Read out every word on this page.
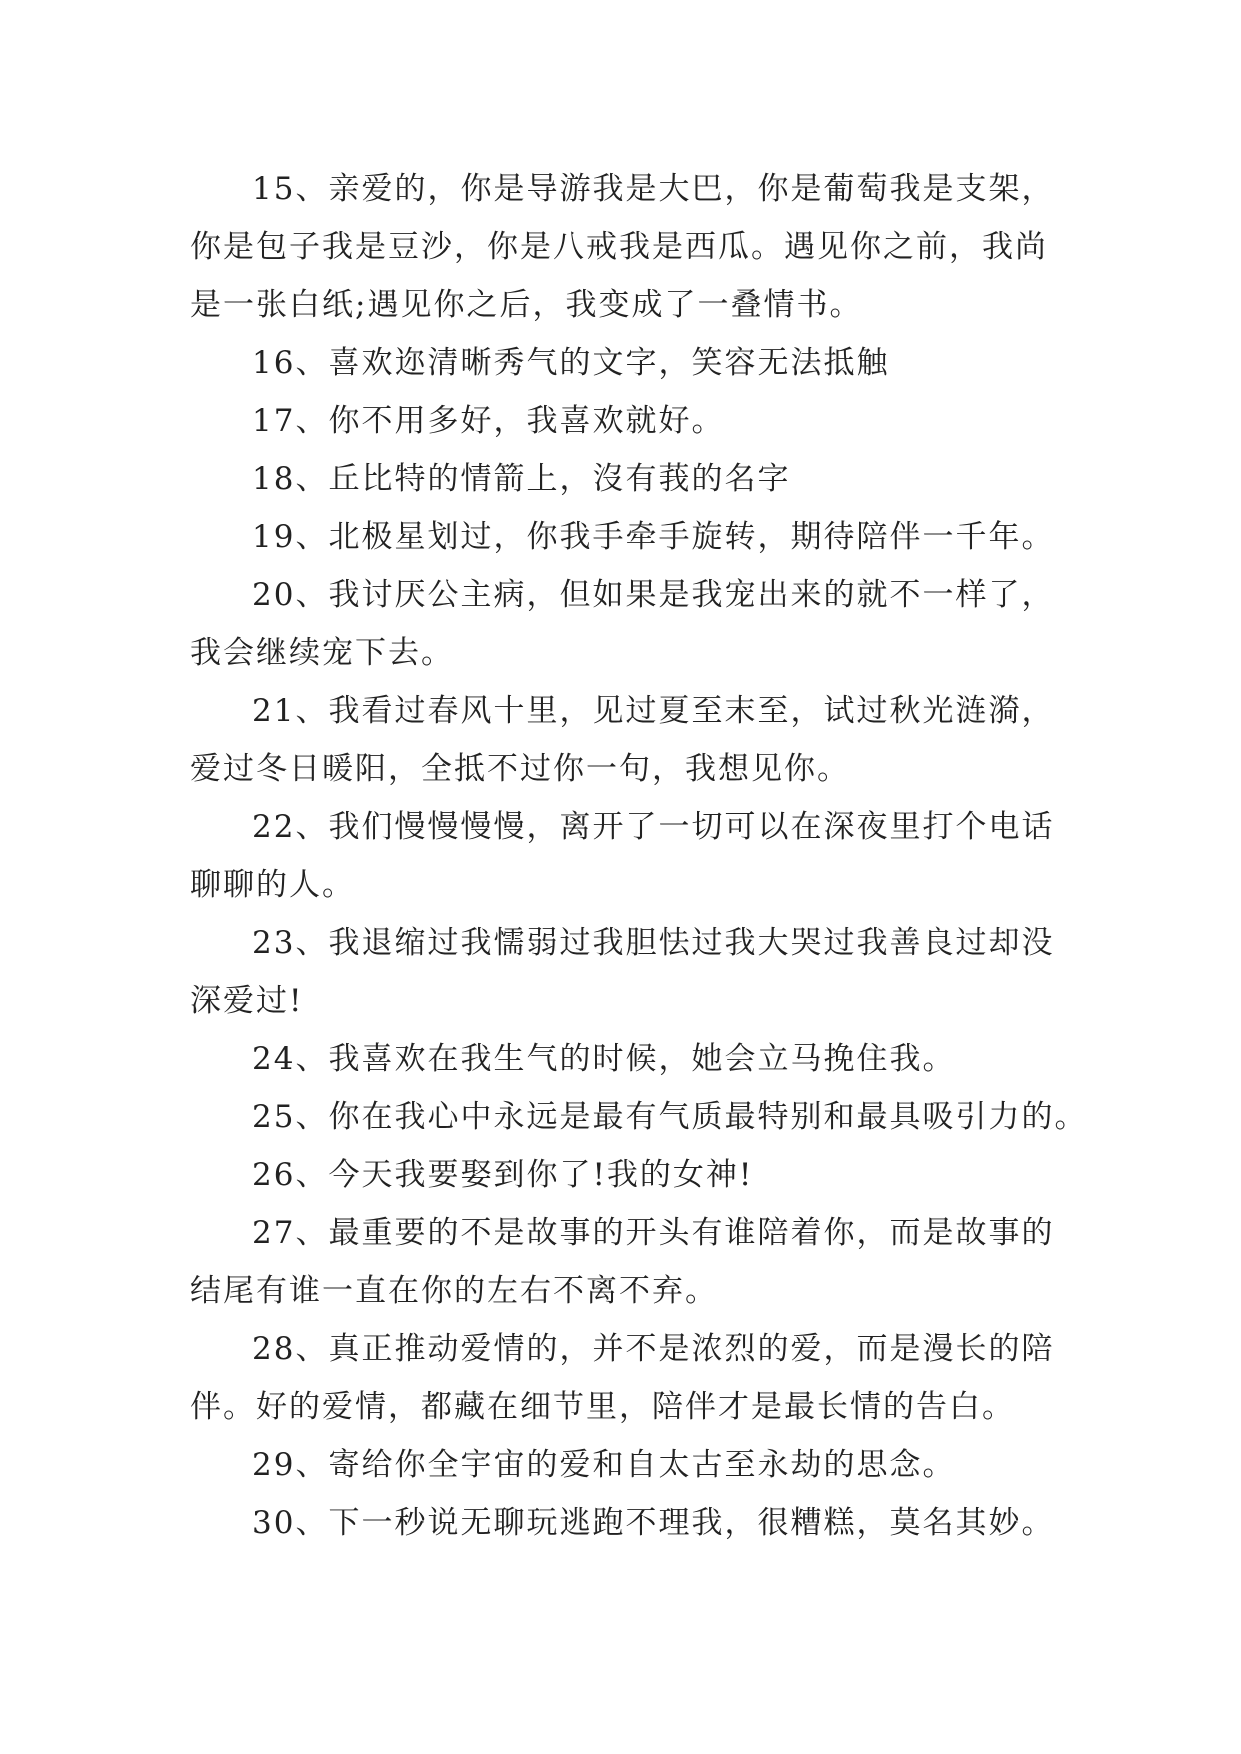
15、亲爱的，你是导游我是大巴，你是葡萄我是支架，
你是包子我是豆沙，你是八戒我是西瓜。遇见你之前，我尚
是一张白纸;遇见你之后，我变成了一叠情书。

16、喜欢迩清晰秀气的文字，笑容无法抵触

17、你不用多好，我喜欢就好。

18、丘比特的情箭上，沒有莪的名字

19、北极星划过，你我手牵手旋转，期待陪伴一千年。

20、我讨厌公主病，但如果是我宠出来的就不一样了，
我会继续宠下去。

21、我看过春风十里，见过夏至末至，试过秋光涟漪，
爱过冬日暖阳，全抵不过你一句，我想见你。

22、我们慢慢慢慢，离开了一切可以在深夜里打个电话
聊聊的人。

23、我退缩过我懦弱过我胆怯过我大哭过我善良过却没
深爱过!

24、我喜欢在我生气的时候，她会立马挽住我。

25、你在我心中永远是最有气质最特别和最具吸引力的。

26、今天我要娶到你了!我的女神!

27、最重要的不是故事的开头有谁陪着你，而是故事的
结尾有谁一直在你的左右不离不弃。

28、真正推动爱情的，并不是浓烈的爱，而是漫长的陪
伴。好的爱情，都藏在细节里，陪伴才是最长情的告白。

29、寄给你全宇宙的爱和自太古至永劫的思念。

30、下一秒说无聊玩逃跑不理我，很糟糕，莫名其妙。
